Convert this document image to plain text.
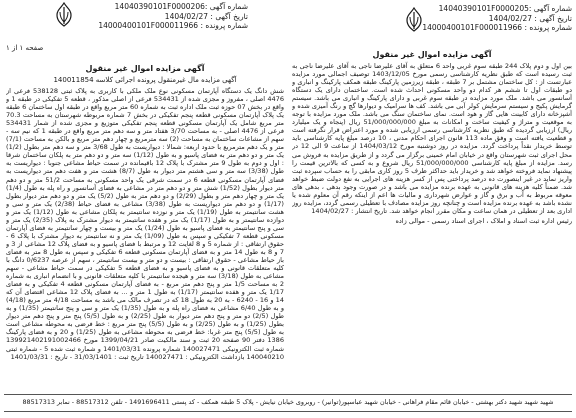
شماره آگهی :14040390101F0000205
تاریخ آگهی : 1404/02/27
شماره پرونده : 14000400101F000011966
شماره آگهی :14040390101F0000206
تاریخ آگهی : 1404/02/27
شماره پرونده : 14000400101F000011966
صفحه ۱ از ۱
آگهی مزایده اموال غیر منقول
بین اول و دوم پلاک 244 طبقه سوم غربی واحد 6 متعلق به آقای علیرضا ناجی به آقای علیرضا ناجی به ثبت رسیده است که طبق نظریه کارشناسی رسمی مورخ 1403/12/05 توصیف اجمالی مورد مزایده عبارتست از : کل ساختمان مشتمل بر 7 طبقه ، طبقه زیرزمین پارکینگ طبقه همکف پارکینگ و انباری و دو طبقات اول تا ششم هر کدام دو واحد مسکونی احداث شده است. ساختمان دارای یک دستگاه آسانسور می باشد. ملک مورد مزایده در طبقه سوم غربی و دارای پارکینگ و انباری می باشد. سیستم گرمایش پکیج و سیستم سرمایش کولر آبی می باشد. کف ها سرامیک و دیوارها گچ و رنگ آمیزی شده و آشپزخانه دارای کابینت هایی گاز و هود است. نمای ساختمان سنگ می باشد. ملک مورد مزایده با توجه به موقعیت و متراژ و کیفیت ساخت و امکانات به مبلغ 51/000/000/000 ریال (پنجاه و یک میلیارد ریال) ارزیابی گردیده که طبق نظریه کارشناسی رسمی ارزیابی شده و مورد اعتراض قرار نگرفته است و قطعیت یافته است و وفق ماده 113 قانون اجرای احکام مدنی ، 10 درصد مبلغ پایه کارشناسی باید توسط خریدار نقداً پرداخت گردد. مزایده در روز دوشنبه مورخ 1404/03/12 از ساعت 9 الی 12 در محل اجرای ثبت شهرستان واقع در خیابان امام خمینی برگزار می گردد و از طریق مزایده به فروش می رسد. مزایده از مبلغ پایه کارشناسی 51/000/000/000 ریال شروع و به کسی که بالاترین قیمت را پیشنهاد نماید فروخته خواهد شد و خریدار باید حداکثر ظرف 5 روز کاری مابقی را به حساب سپرده ثبت واریز نماید در غیر اینصورت ده درصد پرداختی پس از کسر هزینه های اجرایی به نفع دولت ضبط خواهد شد. ضمناً کلیه هزینه های قانونی به عهده برنده مزایده می باشد و در صورت وجود بدهی ، بدهی های معوقه مربوط به آب و برق و گاز و عوارض شهرداری و مالیات ها اعم از اینکه رقم آن معلوم شده یا نشده باشد به عهده برنده مزایده است و چنانچه روز مزایده مصادف با تعطیلی رسمی گردد، مزایده روز اداری بعد از تعطیلی در همان ساعت و مکان مقرر انجام خواهد شد. تاریخ انتشار : 1404/02/27
رئیس اداره ثبت اسناد و املاک ، اجرای اسناد رسمی - موالی زاده
آگهی مزایده اموال غیر منقول
آگهی مزایده مال غیرمنقول پرونده اجرائی کلاسه 140011854
شش دانگ یک دستگاه آپارتمان مسکونی نوع ملک ملکی با کاربری به پلاک ثبتی 538128 فرعی از 4476 اصلی ، مفروز و مجزی شده از 534431 فرعی از اصلی مذکور ، قطعه 5 تفکیکی در طبقه 1 و واقع در بخش 07 حوزه ثبت ملک اداره ثبت به شماره 60 متر مربع واقع در طبقه اول ساختمان 6 طبقه یک پلاک آپارتمان مسکونی قطعه پنجم تفکیکی در بخش 7 شماره مربوطه شهرستان به مساحت 70.3 متر مربع شامل یک آپارتمان مسکونی قطعه پنجم تفکیکی متوزیع و مجزی شده از شمار 534431 فرعی از 4476 اصلی - به مساحت 3/70 هفتاد متر و سه دهم متر مربع واقع در طبقه 1 که نیم سه - سهم از مشاعات ساختمان به مساحت (2) سه مترمربع و چهار دهم متر مربع و بالکن به مساحت (7/1) متر و یک دهم مترمربع با حدود اربعه: شمالا : دیواریست به طول 3/68 متر و سه دهم متر بطول (1/2) یک متر و دو دهم متر به فضای پاسیو و به طول (1/12) سه متر و دو دهم متر به پلکان ساختمان شرقا : اول و دوم به طول 9 متر مشترک با پلاک 12 باقیمانده در سمت حیاط مشاعی جنوبا : دیواریست به طول (3/38) سه متر و سی هشتم متر دیوار به طول (8/7) هشت متر و هفت دهم متر دیواریست به فضای آپارتمان مسکونی قطعه 6 در سمت شرقی یک واحد مسکونی به مساحت 51/2 متر و دو دهم متر دیوار بطول (1/52) شش متر و دو دهم متر در مشاعی به فضای آسانسور و راه پله به طول (1/4) یک متر و چهار دهم متر و بطول (2/29) و دو دهم متر به طول (5/2) یک متر و دو دهم متر دیوار بطول (1/17) و دو دهم متر دیواریست به طول (3/38) مشاعی به فضای حیاط (2/38) یک متر و سی و هشت سانتیمتر به طول (1/19) یک متر و نوزده سانتیمتر به پلکان مشاعی به طول (1/12) یک متر و دوازده سانتیمتر و به طول (1/17) یک متر و هفده سانتیمتر به دیوار مشترک به پلاک (2/35) یک متر و سی و پنج سانتیمتر به فضای پاسیو به طول (1/24) یک متر و بیست و چهار سانتیمتر به فضای آپارتمان مسکونی قطعه 7 تفکیکی و سپس به طول (1/09) یک متر و نه سانتیمتر به دیوار مشترک با پلاک 6 - حقوق ارتفاقی : از شماره 5 و 8 لغایت 12 و مرتبط با فضای پاسیو و به فضای پلاک 12 مشاعی از 3 و 7 و 8 به طول 14 متر و به فضای آپارتمان مسکونی قطعه 6 تفکیکی و سپس به طول 8 متر به فضای باز حیاط مشاعی - حقوق ارتفاقی : بیست و دو متر و بیست سانتیمتر ، سهم از عرصه 0/6237 دانگ با کلیه متعلقات قانونی و به فضای پاسیو و به فضای قطعه 5 تفکیکی در سمت حیاط مشاعی - سهم مشاعی به طول (3/18) سه متر و هیجده سانتیمتر با کلیه متعلقات قانونی و با انضمام انباری به شماره 2 به مساحت 1/5 متر و پنج دهم متر مربع - به فضای آپارتمان مسکونی قطعه 4 تفکیکی و به فضای 1/17 یک متر و هفده سانتیمتر (1/17) به طول 1 متر و ... به فضای پلاک 12 مشاعی اقتضای آن که 14 و 16 - 6240 - به 20 به طول 18 که در تصرف مالک می باشد به مساحت 4/18 متر مربع (4/18) و به طول 6/40 مشاعی به فضای راه پله و به طول (1/35) یک متر و سی و پنج سانتیمتر (1/35) و به طول (2/5) دو متر و پنج دهم متر دیوار به طول (2/25) و به طول (5/5) پنج متر و پنج دهم متر دیوار بطول (1/25) و به طول (2/25) و به طول (5/5) پنج متر مربع : خط فرضی به محوطه مشاعی است به طول (5/5) پنج متر غربا: خط فرضی به محوطه مشاعی به طول (1/25) و 20 و به فضای پارکینگ 1386 دفتر 90 صفحه 20 ثبت و سند مالکیت صادر 1399/04/21 مورخ 139921402191002466 شماره ثبت الکترونیکی 140027471 شماره پرونده 1401/03/31 و شماره ثبت شده 5 - شماره ثبتی 140040210 بازداشت الکترونیکی : 140027471 تاریخ ثبت : 31/03/1401 - تاریخ : 1401/03/31
شهید شهید شهید دکتر بهشتی - خیابان قائم مقام فراهانی - خیابان شهید عباسپور(توانیر) - روبروی خیابان نیایش - پلاک 5 طبقه همکف - کد پستی 1491696411 - تلفن 88517312 - نمابر 88517313
